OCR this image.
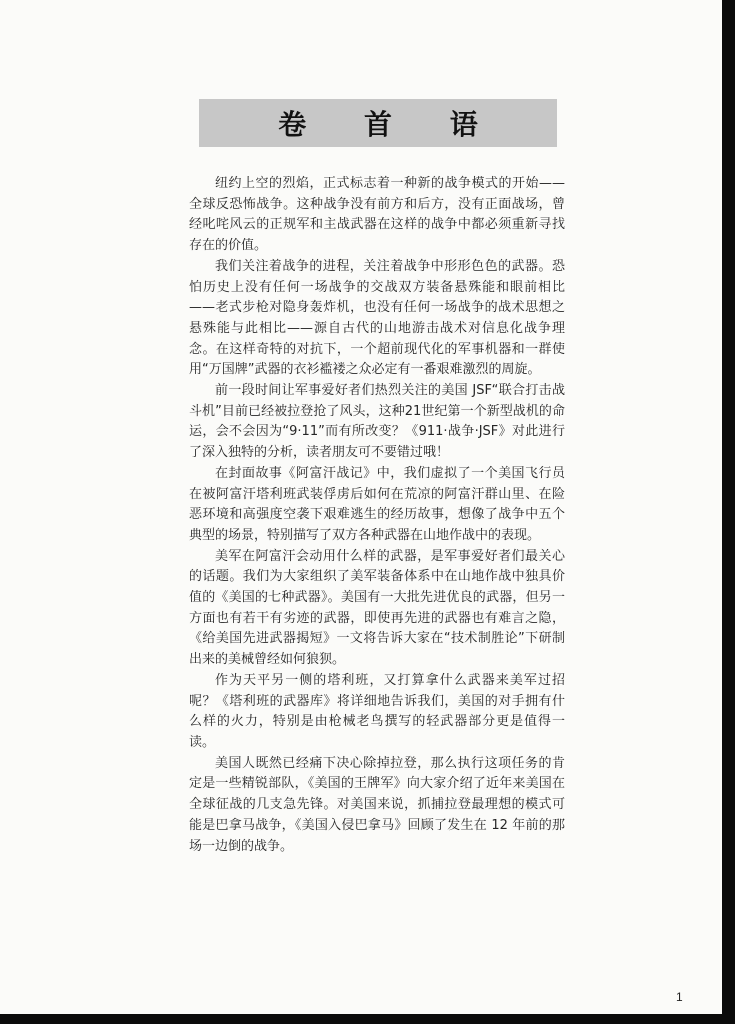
卷 首 语

纽约上空的烈焰，正式标志着一种新的战争模式的开始——全球反恐怖战争。这种战争没有前方和后方，没有正面战场，曾经叱咤风云的正规军和主战武器在这样的战争中都必须重新寻找存在的价值。

我们关注着战争的进程，关注着战争中形形色色的武器。恐怕历史上没有任何一场战争的交战双方装备悬殊能和眼前相比——老式步枪对隐身轰炸机，也没有任何一场战争的战术思想之悬殊能与此相比——源自古代的山地游击战术对信息化战争理念。在这样奇特的对抗下，一个超前现代化的军事机器和一群使用“万国牌”武器的衣衫褴褛之众必定有一番艰难激烈的周旋。

前一段时间让军事爱好者们热烈关注的美国 JSF“联合打击战斗机”目前已经被拉登抢了风头，这种21世纪第一个新型战机的命运，会不会因为“9·11”而有所改变？《911·战争·JSF》对此进行了深入独特的分析，读者朋友可不要错过哦！

在封面故事《阿富汗战记》中，我们虚拟了一个美国飞行员在被阿富汗塔利班武装俘虏后如何在荒凉的阿富汗群山里、在险恶环境和高强度空袭下艰难逃生的经历故事，想像了战争中五个典型的场景，特别描写了双方各种武器在山地作战中的表现。

美军在阿富汗会动用什么样的武器，是军事爱好者们最关心的话题。我们为大家组织了美军装备体系中在山地作战中独具价值的《美国的七种武器》。美国有一大批先进优良的武器，但另一方面也有若干有劣迹的武器，即使再先进的武器也有难言之隐，《给美国先进武器揭短》一文将告诉大家在“技术制胜论”下研制出来的美械曾经如何狼狈。

作为天平另一侧的塔利班，又打算拿什么武器来美军过招呢？《塔利班的武器库》将详细地告诉我们，美国的对手拥有什么样的火力，特别是由枪械老鸟撰写的轻武器部分更是值得一读。

美国人既然已经痛下决心除掉拉登，那么执行这项任务的肯定是一些精锐部队，《美国的王牌军》向大家介绍了近年来美国在全球征战的几支急先锋。对美国来说，抓捕拉登最理想的模式可能是巴拿马战争，《美国入侵巴拿马》回顾了发生在 12 年前的那场一边倒的战争。

1
